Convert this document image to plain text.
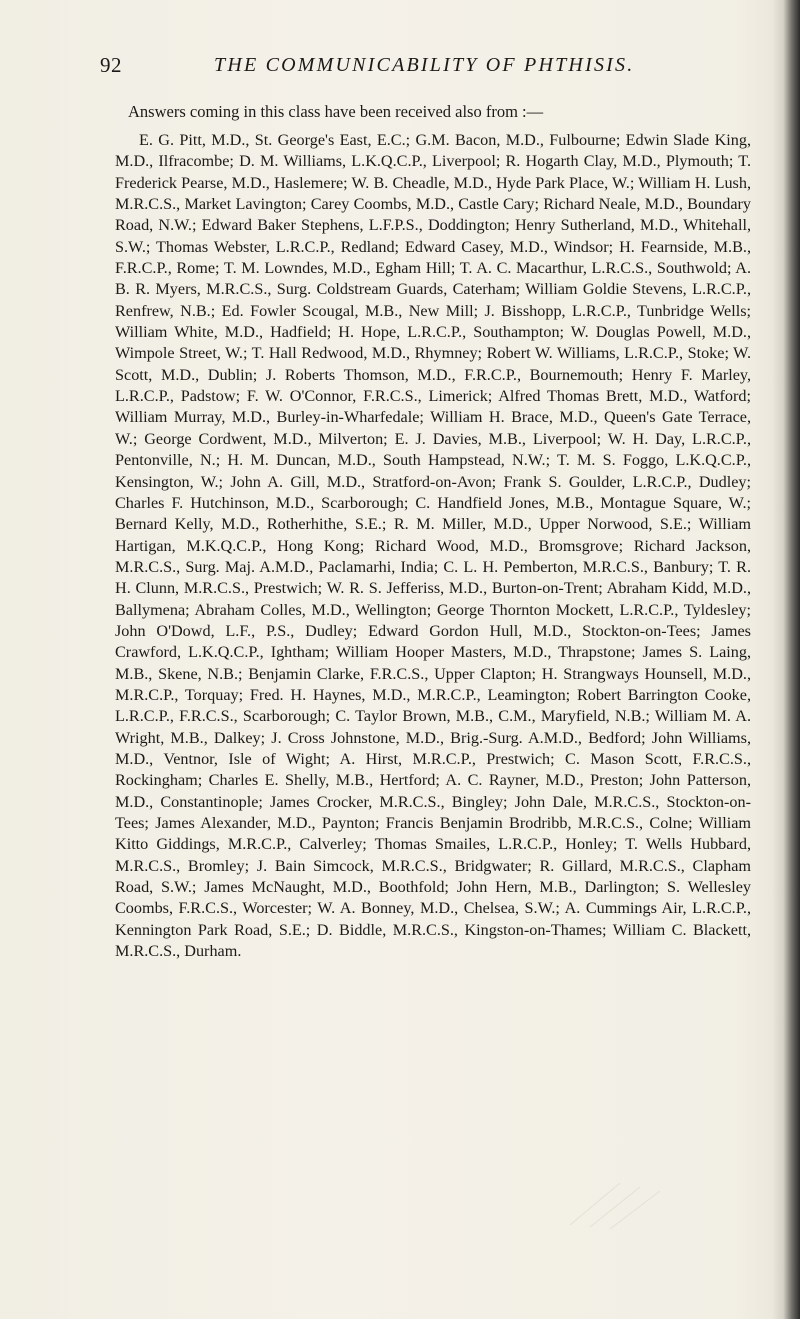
92	THE COMMUNICABILITY OF PHTHISIS.
Answers coming in this class have been received also from :—

E. G. Pitt, M.D., St. George's East, E.C.; G.M. Bacon, M.D., Fulbourne; Edwin Slade King, M.D., Ilfracombe; D. M. Williams, L.K.Q.C.P., Liverpool; R. Hogarth Clay, M.D., Plymouth; T. Frederick Pearse, M.D., Haslemere; W. B. Cheadle, M.D., Hyde Park Place, W.; William H. Lush, M.R.C.S., Market Lavington; Carey Coombs, M.D., Castle Cary; Richard Neale, M.D., Boundary Road, N.W.; Edward Baker Stephens, L.F.P.S., Doddington; Henry Sutherland, M.D., Whitehall, S.W.; Thomas Webster, L.R.C.P., Redland; Edward Casey, M.D., Windsor; H. Fearnside, M.B., F.R.C.P., Rome; T. M. Lowndes, M.D., Egham Hill; T. A. C. Macarthur, L.R.C.S., Southwold; A. B. R. Myers, M.R.C.S., Surg. Coldstream Guards, Caterham; William Goldie Stevens, L.R.C.P., Renfrew, N.B.; Ed. Fowler Scougal, M.B., New Mill; J. Bisshopp, L.R.C.P., Tunbridge Wells; William White, M.D., Hadfield; H. Hope, L.R.C.P., Southampton; W. Douglas Powell, M.D., Wimpole Street, W.; T. Hall Redwood, M.D., Rhymney; Robert W. Williams, L.R.C.P., Stoke; W. Scott, M.D., Dublin; J. Roberts Thomson, M.D., F.R.C.P., Bournemouth; Henry F. Marley, L.R.C.P., Padstow; F. W. O'Connor, F.R.C.S., Limerick; Alfred Thomas Brett, M.D., Watford; William Murray, M.D., Burley-in-Wharfedale; William H. Brace, M.D., Queen's Gate Terrace, W.; George Cordwent, M.D., Milverton; E. J. Davies, M.B., Liverpool; W. H. Day, L.R.C.P., Pentonville, N.; H. M. Duncan, M.D., South Hampstead, N.W.; T. M. S. Foggo, L.K.Q.C.P., Kensington, W.; John A. Gill, M.D., Stratford-on-Avon; Frank S. Goulder, L.R.C.P., Dudley; Charles F. Hutchinson, M.D., Scarborough; C. Handfield Jones, M.B., Montague Square, W.; Bernard Kelly, M.D., Rotherhithe, S.E.; R. M. Miller, M.D., Upper Norwood, S.E.; William Hartigan, M.K.Q.C.P., Hong Kong; Richard Wood, M.D., Bromsgrove; Richard Jackson, M.R.C.S., Surg. Maj. A.M.D., Paclamarhi, India; C. L. H. Pemberton, M.R.C.S., Banbury; T. R. H. Clunn, M.R.C.S., Prestwich; W. R. S. Jefferiss, M.D., Burton-on-Trent; Abraham Kidd, M.D., Ballymena; Abraham Colles, M.D., Wellington; George Thornton Mockett, L.R.C.P., Tyldesley; John O'Dowd, L.F., P.S., Dudley; Edward Gordon Hull, M.D., Stockton-on-Tees; James Crawford, L.K.Q.C.P., Ightham; William Hooper Masters, M.D., Thrapstone; James S. Laing, M.B., Skene, N.B.; Benjamin Clarke, F.R.C.S., Upper Clapton; H. Strangways Hounsell, M.D., M.R.C.P., Torquay; Fred. H. Haynes, M.D., M.R.C.P., Leamington; Robert Barrington Cooke, L.R.C.P., F.R.C.S., Scarborough; C. Taylor Brown, M.B., C.M., Maryfield, N.B.; William M. A. Wright, M.B., Dalkey; J. Cross Johnstone, M.D., Brig.-Surg. A.M.D., Bedford; John Williams, M.D., Ventnor, Isle of Wight; A. Hirst, M.R.C.P., Prestwich; C. Mason Scott, F.R.C.S., Rockingham; Charles E. Shelly, M.B., Hertford; A. C. Rayner, M.D., Preston; John Patterson, M.D., Constantinople; James Crocker, M.R.C.S., Bingley; John Dale, M.R.C.S., Stockton-on-Tees; James Alexander, M.D., Paynton; Francis Benjamin Brodribb, M.R.C.S., Colne; William Kitto Giddings, M.R.C.P., Calverley; Thomas Smailes, L.R.C.P., Honley; T. Wells Hubbard, M.R.C.S., Bromley; J. Bain Simcock, M.R.C.S., Bridgwater; R. Gillard, M.R.C.S., Clapham Road, S.W.; James McNaught, M.D., Boothfold; John Hern, M.B., Darlington; S. Wellesley Coombs, F.R.C.S., Worcester; W. A. Bonney, M.D., Chelsea, S.W.; A. Cummings Air, L.R.C.P., Kennington Park Road, S.E.; D. Biddle, M.R.C.S., Kingston-on-Thames; William C. Blackett, M.R.C.S., Durham.
